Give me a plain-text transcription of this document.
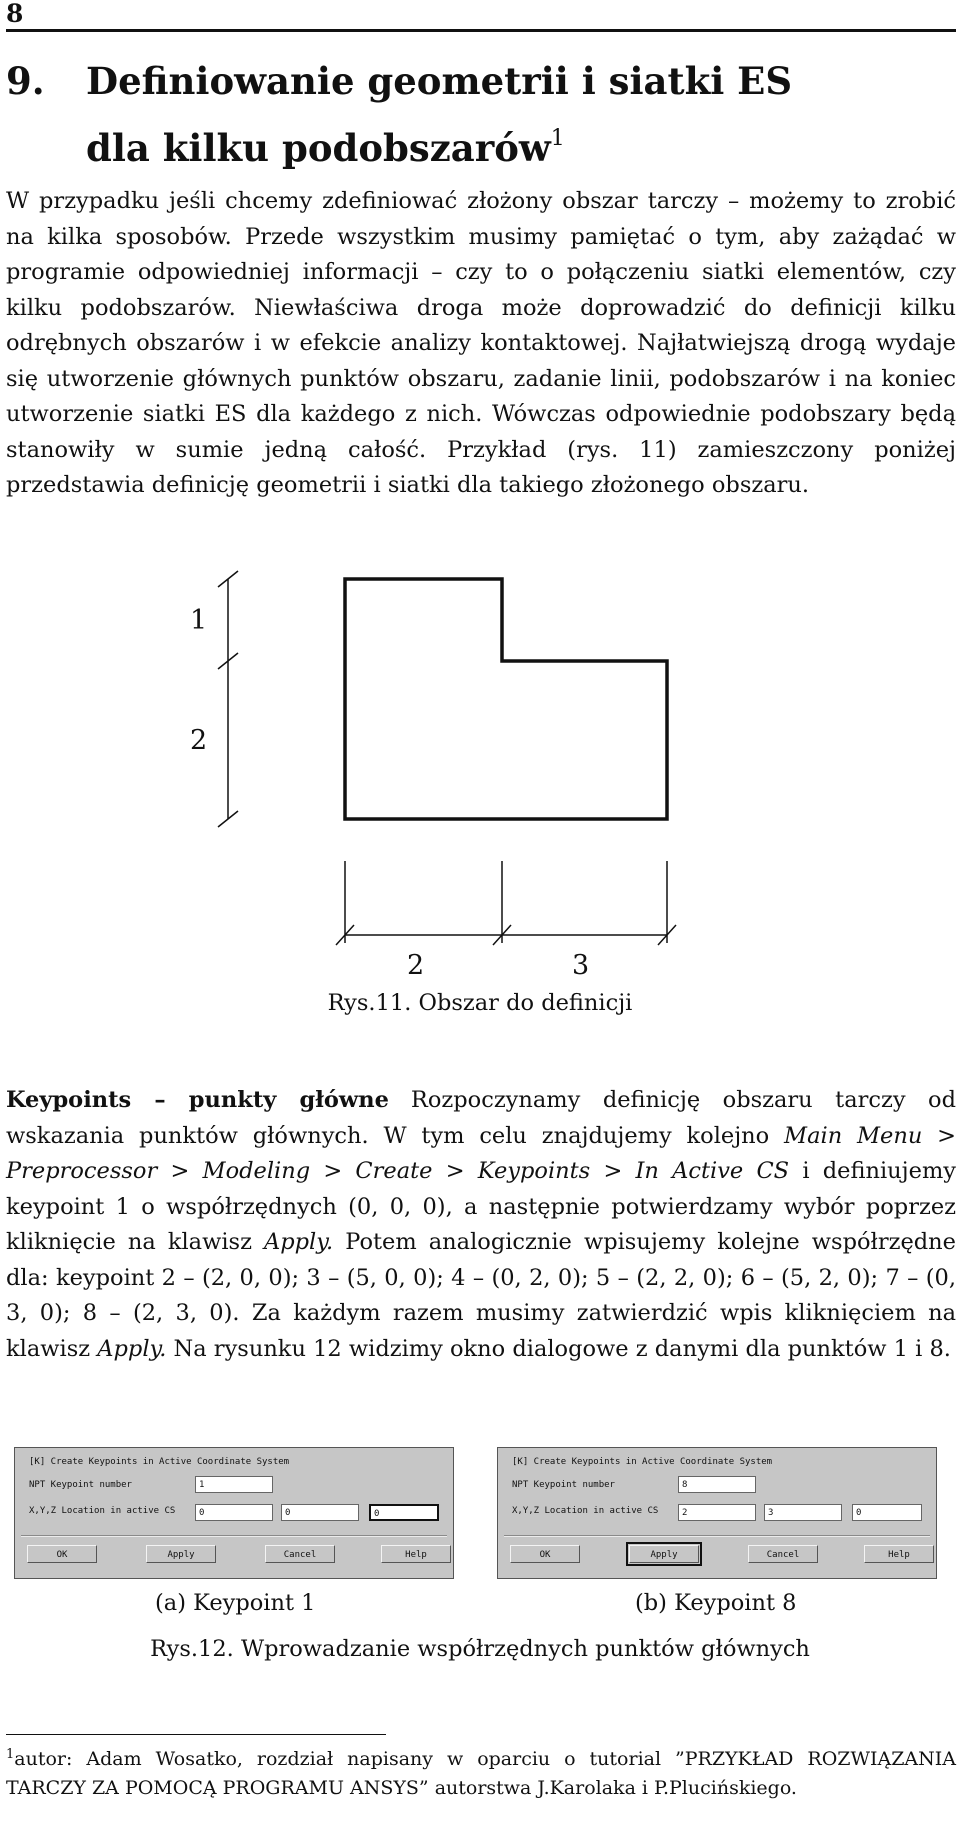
8
9. Definiowanie geometrii i siatki ES
dla kilku podobszarów$^1$

W przypadku jeśli chcemy zdefiniować złożony obszar tarczy – możemy to zrobić na kilka sposobów. Przede wszystkim musimy pamiętać o tym, aby zażądać w programie odpowiedniej informacji – czy to o połączeniu siatki elementów, czy kilku podobszarów. Niewłaściwa droga może doprowadzić do definicji kilku odrębnych obszarów i w efekcie analizy kontaktowej. Najłatwiejszą drogą wydaje się utworzenie głównych punktów obszaru, zadanie linii, podobszarów i na koniec utworzenie siatki ES dla każdego z nich. Wówczas odpowiednie podobszary będą stanowiły w sumie jedną całość. Przykład (rys. 11) zamieszczony poniżej przedstawia definicję geometrii i siatki dla takiego złożonego obszaru.

1
2
2	3
Rys.11. Obszar do definicji

Keypoints – punkty główne Rozpoczynamy definicję obszaru tarczy od wskazania punktów głównych. W tym celu znajdujemy kolejno Main Menu > Preprocessor > Modeling > Create > Keypoints > In Active CS i definiujemy keypoint 1 o współrzędnych (0, 0, 0), a następnie potwierdzamy wybór poprzez kliknięcie na klawisz Apply. Potem analogicznie wpisujemy kolejne współrzędne dla: keypoint 2 – (2, 0, 0); 3 – (5, 0, 0); 4 – (0, 2, 0); 5 – (2, 2, 0); 6 – (5, 2, 0); 7 – (0, 3, 0); 8 – (2, 3, 0). Za każdym razem musimy zatwierdzić wpis kliknięciem na klawisz Apply. Na rysunku 12 widzimy okno dialogowe z danymi dla punktów 1 i 8.

[K] Create Keypoints in Active Coordinate System
NPT Keypoint number	1
X,Y,Z Location in active CS	0	0	0
OK	Apply	Cancel	Help
[K] Create Keypoints in Active Coordinate System
NPT Keypoint number	8
X,Y,Z Location in active CS	2	3	0
OK	Apply	Cancel	Help
(a) Keypoint 1	(b) Keypoint 8
Rys.12. Wprowadzanie współrzędnych punktów głównych

$^1$autor: Adam Wosatko, rozdział napisany w oparciu o tutorial ”PRZYKŁAD ROZWIĄZANIA TARCZY ZA POMOCĄ PROGRAMU ANSYS” autorstwa J.Karolaka i P.Plucińskiego.
